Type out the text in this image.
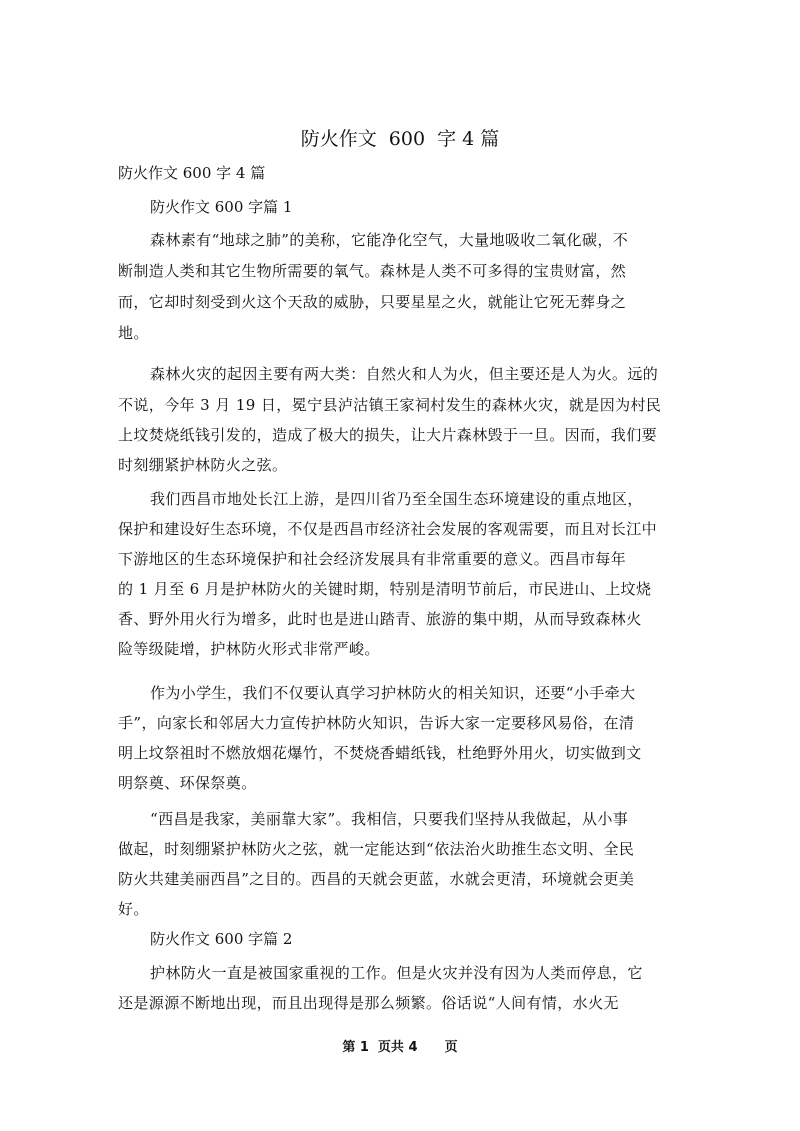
防火作文  600  字 4 篇
防火作文 600 字 4 篇
防火作文 600 字篇 1
森林素有“地球之肺”的美称，它能净化空气，大量地吸收二氧化碳，不
断制造人类和其它生物所需要的氧气。森林是人类不可多得的宝贵财富，然
而，它却时刻受到火这个天敌的威胁，只要星星之火，就能让它死无葬身之
地。
森林火灾的起因主要有两大类：自然火和人为火，但主要还是人为火。远的
不说，今年 3 月 19 日，冕宁县泸沽镇王家祠村发生的森林火灾，就是因为村民
上坟焚烧纸钱引发的，造成了极大的损失，让大片森林毁于一旦。因而，我们要
时刻绷紧护林防火之弦。
我们西昌市地处长江上游，是四川省乃至全国生态环境建设的重点地区，
保护和建设好生态环境，不仅是西昌市经济社会发展的客观需要，而且对长江中
下游地区的生态环境保护和社会经济发展具有非常重要的意义。西昌市每年
的 1 月至 6 月是护林防火的关键时期，特别是清明节前后，市民进山、上坟烧
香、野外用火行为增多，此时也是进山踏青、旅游的集中期，从而导致森林火
险等级陡增，护林防火形式非常严峻。
作为小学生，我们不仅要认真学习护林防火的相关知识，还要“小手牵大
手”，向家长和邻居大力宣传护林防火知识，告诉大家一定要移风易俗，在清
明上坟祭祖时不燃放烟花爆竹，不焚烧香蜡纸钱，杜绝野外用火，切实做到文
明祭奠、环保祭奠。
“西昌是我家，美丽靠大家”。我相信，只要我们坚持从我做起，从小事
做起，时刻绷紧护林防火之弦，就一定能达到“依法治火助推生态文明、全民
防火共建美丽西昌”之目的。西昌的天就会更蓝，水就会更清，环境就会更美
好。
防火作文 600 字篇 2
护林防火一直是被国家重视的工作。但是火灾并没有因为人类而停息，它
还是源源不断地出现，而且出现得是那么频繁。俗话说“人间有情，水火无
第 1  页共 4      页
